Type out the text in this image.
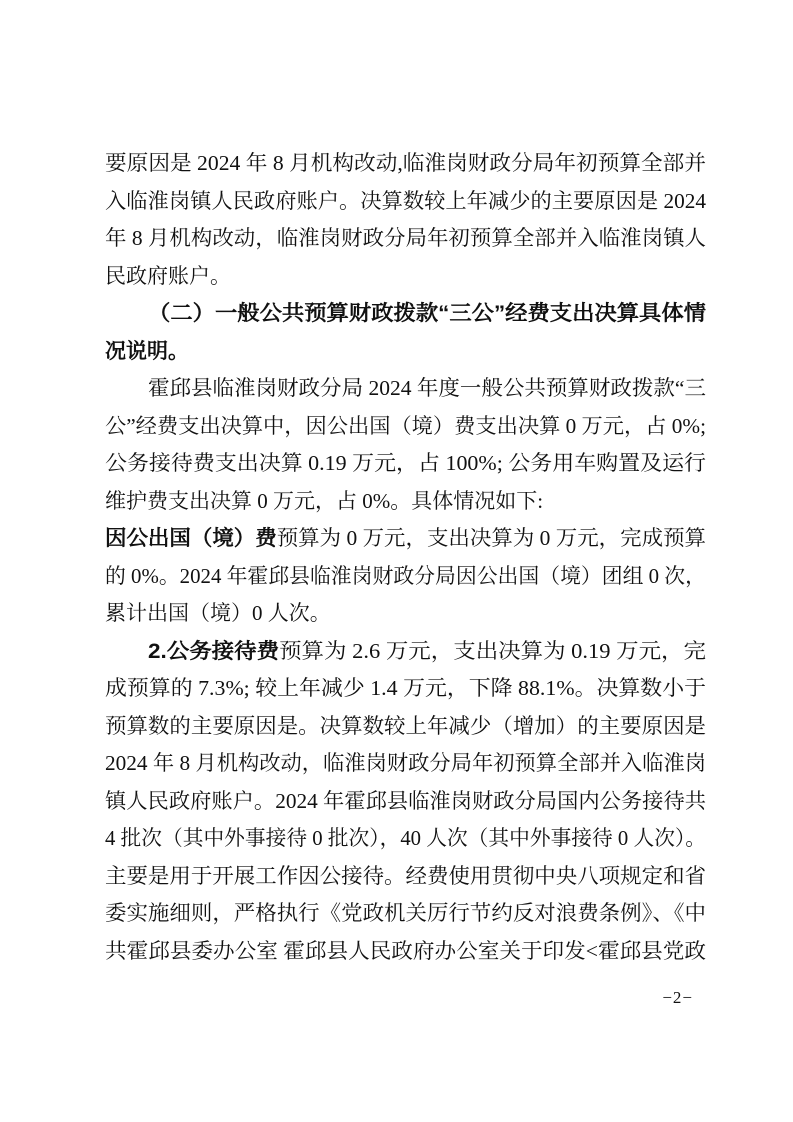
要原因是 2024 年 8 月机构改动,临淮岗财政分局年初预算全部并
入临淮岗镇人民政府账户。决算数较上年减少的主要原因是 2024
年 8 月机构改动，临淮岗财政分局年初预算全部并入临淮岗镇人
民政府账户。
（二）一般公共预算财政拨款“三公”经费支出决算具体情
况说明。
霍邱县临淮岗财政分局 2024 年度一般公共预算财政拨款“三
公”经费支出决算中，因公出国（境）费支出决算 0 万元，占 0%;
公务接待费支出决算 0.19 万元，占 100%; 公务用车购置及运行
维护费支出决算 0 万元，占 0%。具体情况如下:
因公出国（境）费预算为 0 万元，支出决算为 0 万元，完成预算
的 0%。2024 年霍邱县临淮岗财政分局因公出国（境）团组 0 次，
累计出国（境）0 人次。
2.公务接待费预算为 2.6 万元，支出决算为 0.19 万元，完
成预算的 7.3%; 较上年减少 1.4 万元，下降 88.1%。决算数小于
预算数的主要原因是。决算数较上年减少（增加）的主要原因是
2024 年 8 月机构改动，临淮岗财政分局年初预算全部并入临淮岗
镇人民政府账户。2024 年霍邱县临淮岗财政分局国内公务接待共
4 批次（其中外事接待 0 批次），40 人次（其中外事接待 0 人次）。
主要是用于开展工作因公接待。经费使用贯彻中央八项规定和省
委实施细则，严格执行《党政机关厉行节约反对浪费条例》、《中
共霍邱县委办公室 霍邱县人民政府办公室关于印发<霍邱县党政
−2−
